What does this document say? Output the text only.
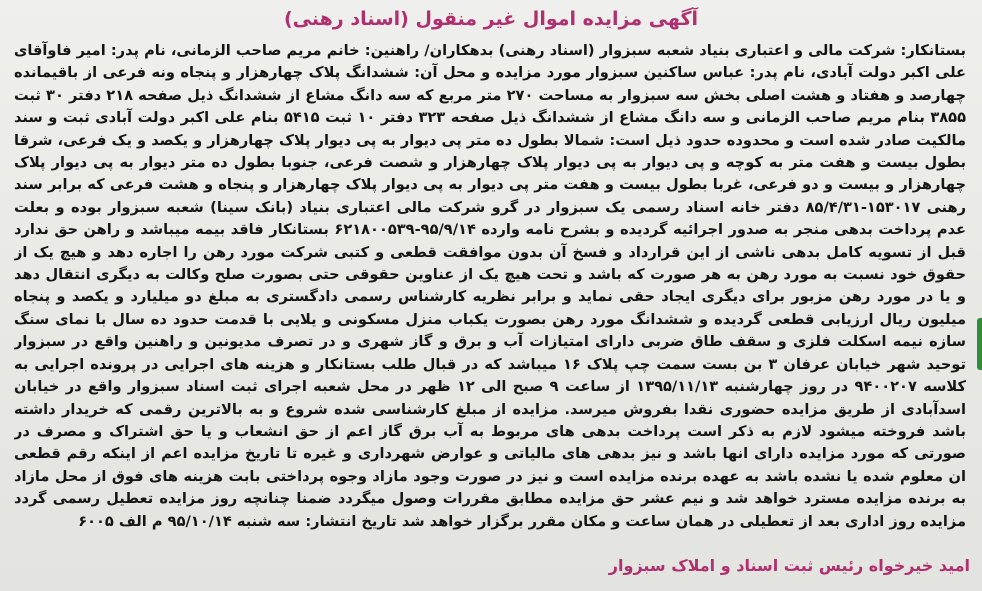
آگهی مزایده اموال غیر منقول (اسناد رهنی)
بستانکار: شرکت مالی و اعتباری بنیاد شعبه سبزوار (اسناد رهنی) بدهکاران/ راهنین: خانم مریم صاحب الزمانی، نام پدر: امیر فاوآقای علی اکبر دولت آبادی، نام پدر: عباس ساکنین سبزوار مورد مزایده و محل آن: ششدانگ پلاک چهارهزار و پنجاه ونه فرعی از باقیمانده چهارصد و هفتاد و هشت اصلی بخش سه سبزوار به مساحت ۲۷۰ متر مربع که سه دانگ مشاع از ششدانگ ذیل صفحه ۲۱۸ دفتر ۳۰ ثبت ۳۸۵۵ بنام مریم صاحب الزمانی و سه دانگ مشاع از ششدانگ ذیل صفحه ۳۲۳ دفتر ۱۰ ثبت ۵۴۱۵ بنام علی اکبر دولت آبادی ثبت و سند مالکیت صادر شده است و محدوده حدود ذیل است: شمالا بطول ده متر پی دیوار به پی دیوار پلاک چهارهزار و یکصد و یک فرعی، شرقا بطول بیست و هفت متر به کوچه و پی دیوار به پی دیوار پلاک چهارهزار و شصت فرعی، جنوبا بطول ده متر دیوار به پی دیوار پلاک چهارهزار و بیست و دو فرعی، غربا بطول بیست و هفت متر پی دیوار به پی دیوار پلاک چهارهزار و پنجاه و هشت فرعی که برابر سند رهنی ۱۵۳۰۱۷-۸۵/۴/۳۱ دفتر خانه اسناد رسمی یک سبزوار در گرو شرکت مالی اعتباری بنیاد (بانک سینا) شعبه سبزوار بوده و بعلت عدم پرداخت بدهی منجر به صدور اجرائیه گردیده و بشرح نامه وارده ۹۵/۹/۱۴-۶۲۱۸۰۰۵۳۹ بستانکار فاقد بیمه میباشد و راهن حق ندارد قبل از تسویه کامل بدهی ناشی از این قرارداد و فسخ آن بدون موافقت قطعی و کتبی شرکت مورد رهن را اجاره دهد و هیچ یک از حقوق خود نسبت به مورد رهن به هر صورت که باشد و تحت هیچ یک از عناوین حقوقی حتی بصورت صلح وکالت به دیگری انتقال دهد و یا در مورد رهن مزبور برای دیگری ایجاد حقی نماید و برابر نظریه کارشناس رسمی دادگستری به مبلغ دو میلیارد و یکصد و پنجاه میلیون ریال ارزیابی قطعی گردیده و ششدانگ مورد رهن بصورت یکباب منزل مسکونی و یلایی با قدمت حدود ده سال با نمای سنگ سازه نیمه اسکلت فلزی و سقف طاق ضربی دارای امتیازات آب و برق و گاز شهری و در تصرف مدیونین و راهنین واقع در سبزوار توحید شهر خیابان عرفان ۳ بن بست سمت چپ پلاک ۱۶ میباشد که در قبال طلب بستانکار و هزینه های اجرایی در پرونده اجرایی به کلاسه ۹۴۰۰۲۰۷ در روز چهارشنبه ۱۳۹۵/۱۱/۱۳ از ساعت ۹ صبح الی ۱۲ ظهر در محل شعبه اجرای ثبت اسناد سبزوار واقع در خیابان اسدآبادی از طریق مزایده حضوری نقدا بفروش میرسد. مزایده از مبلغ کارشناسی شده شروع و به بالاترین رقمی که خریدار داشته باشد فروخته میشود لازم به ذکر است پرداخت بدهی های مربوط به آب برق گاز اعم از حق انشعاب و یا حق اشتراک و مصرف در صورتی که مورد مزایده دارای انها باشد و نیز بدهی های مالیاتی و عوارض شهرداری و غیره تا تاریخ مزایده اعم از اینکه رقم قطعی ان معلوم شده یا نشده باشد به عهده برنده مزایده است و نیز در صورت وجود مازاد وجوه پرداختی بابت هزینه های فوق از محل مازاد به برنده مزایده مسترد خواهد شد و نیم عشر حق مزایده مطابق مقررات وصول میگردد ضمنا چنانچه روز مزایده تعطیل رسمی گردد مزایده روز اداری بعد از تعطیلی در همان ساعت و مکان مقرر برگزار خواهد شد تاریخ انتشار: سه شنبه ۹۵/۱۰/۱۴ م الف ۶۰۰۵
امید خیرخواه رئیس ثبت اسناد و املاک سبزوار
